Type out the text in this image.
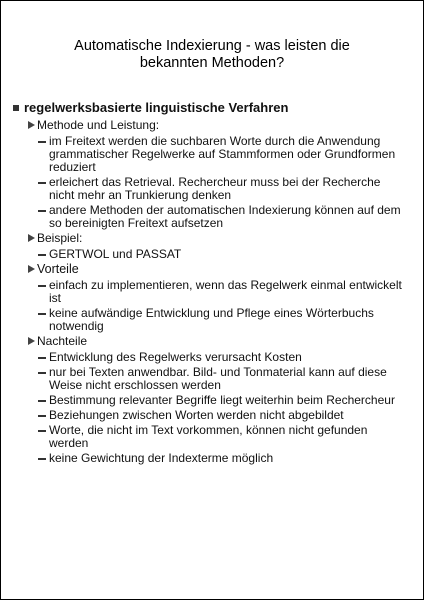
Automatische Indexierung - was leisten die
bekannten Methoden?
regelwerksbasierte linguistische Verfahren
Methode und Leistung:
im Freitext werden die suchbaren Worte durch die Anwendung grammatischer Regelwerke auf Stammformen oder Grundformen reduziert
erleichert das Retrieval. Rechercheur muss bei der Recherche nicht mehr an Trunkierung denken
andere Methoden der automatischen Indexierung können auf dem so bereinigten Freitext aufsetzen
Beispiel:
GERTWOL und PASSAT
Vorteile
einfach zu implementieren, wenn das Regelwerk einmal entwickelt ist
keine aufwändige Entwicklung und Pflege eines Wörterbuchs notwendig
Nachteile
Entwicklung des Regelwerks verursacht Kosten
nur bei Texten anwendbar. Bild- und Tonmaterial kann auf diese Weise nicht erschlossen werden
Bestimmung relevanter Begriffe liegt weiterhin beim Rechercheur
Beziehungen zwischen Worten werden nicht abgebildet
Worte, die nicht im Text vorkommen, können nicht gefunden werden
keine Gewichtung der Indexterme möglich
